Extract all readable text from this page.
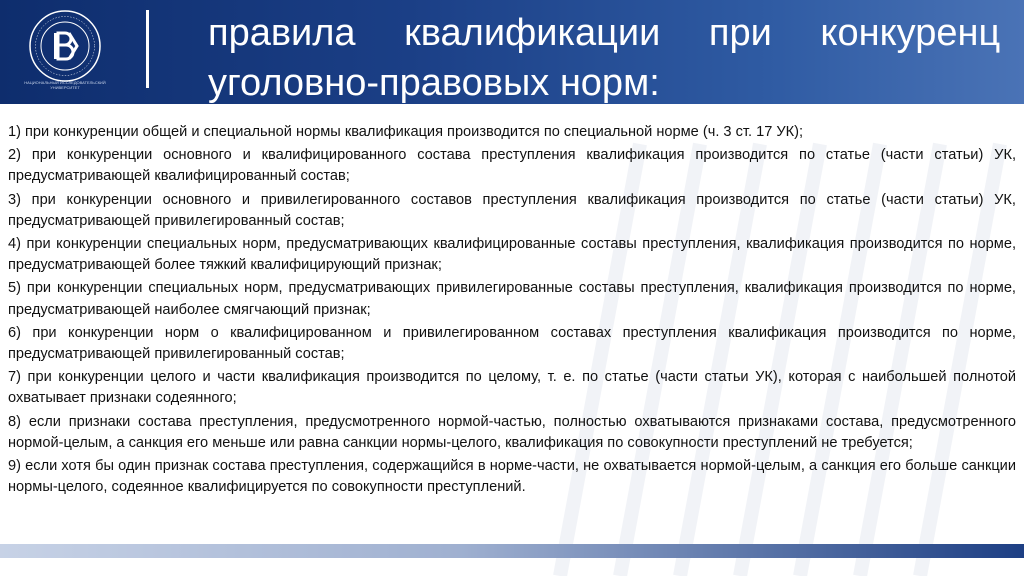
НАЦИОНАЛЬНЫЙ ИССЛЕДОВАТЕЛЬСКИЙ УНИВЕРСИТЕТ
правила квалификации при конкуренц
уголовно-правовых норм:

1) при конкуренции общей и специальной нормы квалификация производится по специальной норме (ч. 3 ст. 17 УК);

2) при конкуренции основного и квалифицированного состава преступления квалификация производится по статье (части статьи) УК, предусматривающей квалифицированный состав;

3) при конкуренции основного и привилегированного составов преступления квалификация производится по статье (части статьи) УК, предусматривающей привилегированный состав;

4) при конкуренции специальных норм, предусматривающих квалифицированные составы преступления, квалификация производится по норме, предусматривающей более тяжкий квалифицирующий признак;

5) при конкуренции специальных норм, предусматривающих привилегированные составы преступления, квалификация производится по норме, предусматривающей наиболее смягчающий признак;

6) при конкуренции норм о квалифицированном и привилегированном составах преступления квалификация производится по норме, предусматривающей привилегированный состав;

7) при конкуренции целого и части квалификация производится по целому, т. е. по статье (части статьи УК), которая с наибольшей полнотой охватывает признаки содеянного;

8) если признаки состава преступления, предусмотренного нормой-частью, полностью охватываются признаками состава, предусмотренного нормой-целым, а санкция его меньше или равна санкции нормы-целого, квалификация по совокупности преступлений не требуется;

9) если хотя бы один признак состава преступления, содержащийся в норме-части, не охватывается нормой-целым, а санкция его больше санкции нормы-целого, содеянное квалифицируется по совокупности преступлений.
